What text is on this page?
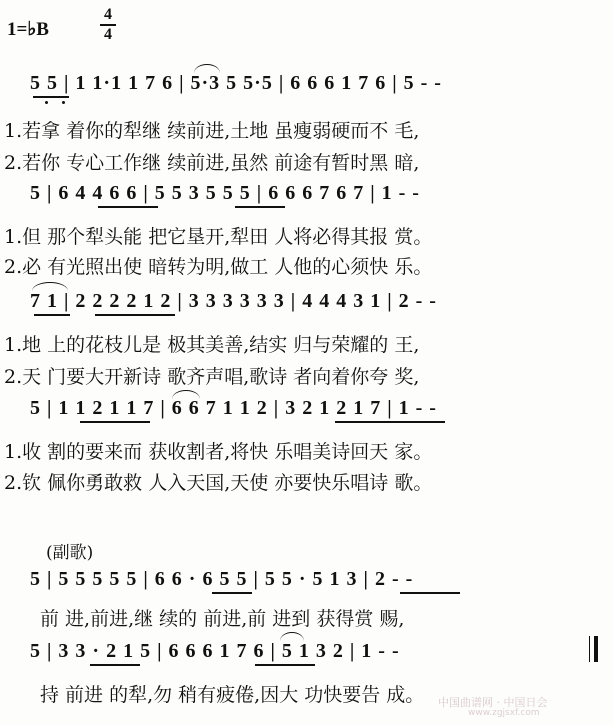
1=♭B
4
4
5 5 | 1 1·1 1 7 6 | 5·3 5 5·5 | 6 6 6 1 7 6 | 5 - -
1.若拿 着你的犁继 续前进,土地 虽瘦弱硬而不 毛,
2.若你 专心工作继 续前进,虽然 前途有暂时黑 暗,
5 | 6 4 4 6 6 | 5 5 3 5 5 5 | 6 6 6 7 6 7 | 1 - -
1.但 那个犁头能 把它垦开,犁田 人将必得其报 赏。
2.必 有光照出使 暗转为明,做工 人他的心须快 乐。
7 1 | 2 2 2 2 1 2 | 3 3 3 3 3 3 | 4 4 4 3 1 | 2 - -
1.地 上的花枝儿是 极其美善,结实 归与荣耀的 王,
2.天 门要大开新诗 歌齐声唱,歌诗 者向着你夸 奖,
5 | 1 1 2 1 1 7 | 6 6 7 1 1 2 | 3 2 1 2 1 7 | 1 - -
1.收 割的要来而 获收割者,将快 乐唱美诗回天 家。
2.钦 佩你勇敢救 人入天国,天使 亦要快乐唱诗 歌。
(副歌)
5 | 5 5 5 5 5 | 6 6 · 6 5 5 | 5 5 · 5 1 3 | 2 - -
前 进,前进,继 续的 前进,前 进到 获得赏 赐,
5 | 3 3 · 2 1 5 | 6 6 6 1 7 6 | 5 1 3 2 | 1 - -
持 前进 的犁,勿 稍有疲倦,因大 功快要告 成。	中国曲谱网 · 中国日会
www.zgjsxf.com
